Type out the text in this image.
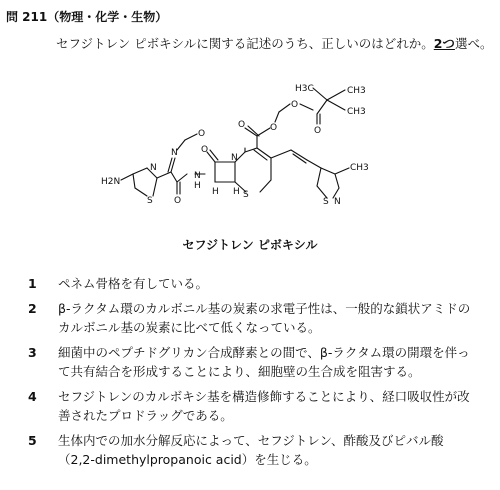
問 211（物理・化学・生物）
セフジトレン ピボキシルに関する記述のうち、正しいのはどれか。2つ選べ。
CH3
H3C
CH3
O
O
O
O
O
S
N
H H
N
H
O
N
O
N
S
H2N
S N
CH3
セフジトレン ピボキシル
1 ペネム骨格を有している。
2 β-ラクタム環のカルボニル基の炭素の求電子性は、一般的な鎖状アミドのカルボニル基の炭素に比べて低くなっている。
3 細菌中のペプチドグリカン合成酵素との間で、β-ラクタム環の開環を伴って共有結合を形成することにより、細胞壁の生合成を阻害する。
4 セフジトレンのカルボキシ基を構造修飾することにより、経口吸収性が改善されたプロドラッグである。
5 生体内での加水分解反応によって、セフジトレン、酢酸及びピバル酸（2,2-dimethylpropanoic acid）を生じる。
